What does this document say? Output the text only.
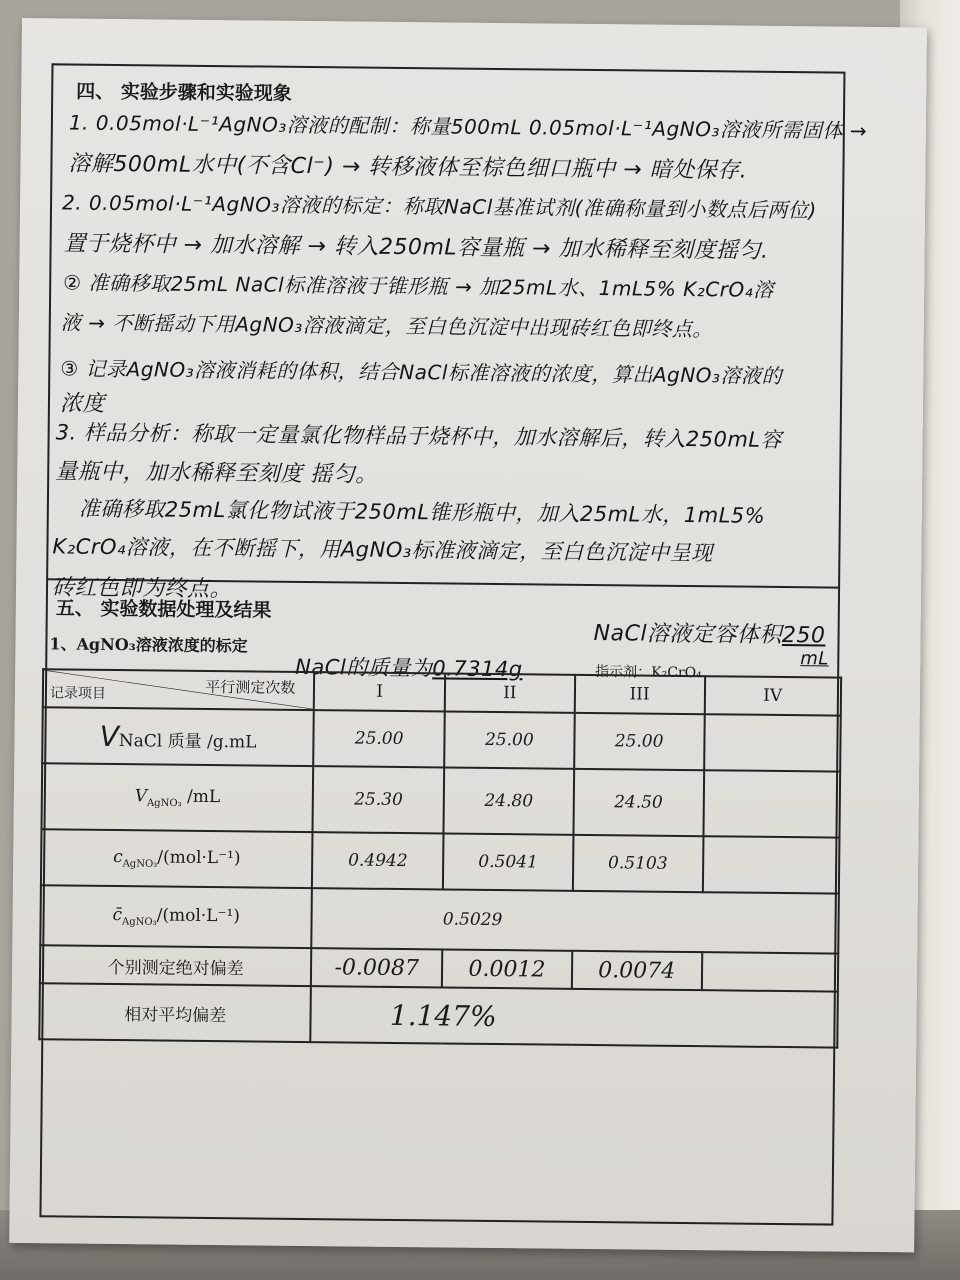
四、 实验步骤和实验现象
1. 0.05mol·L⁻¹AgNO₃溶液的配制：称量500mL 0.05mol·L⁻¹AgNO₃溶液所需固体 →
溶解500mL水中(不含Cl⁻) → 转移液体至棕色细口瓶中 → 暗处保存.
2. 0.05mol·L⁻¹AgNO₃溶液的标定：称取NaCl基准试剂(准确称量到小数点后两位)
置于烧杯中 → 加水溶解 → 转入250mL容量瓶 → 加水稀释至刻度摇匀.
② 准确移取25mL NaCl标准溶液于锥形瓶 → 加25mL水、1mL5% K₂CrO₄溶
液 → 不断摇动下用AgNO₃溶液滴定，至白色沉淀中出现砖红色即终点。
③ 记录AgNO₃溶液消耗的体积，结合NaCl标准溶液的浓度，算出AgNO₃溶液的
浓度
3. 样品分析：称取一定量氯化物样品于烧杯中，加水溶解后，转入250mL容
量瓶中，加水稀释至刻度 摇匀。
准确移取25mL氯化物试液于250mL锥形瓶中，加入25mL水，1mL5%
K₂CrO₄溶液，在不断摇下，用AgNO₃标准液滴定，至白色沉淀中呈现
砖红色即为终点。
五、 实验数据处理及结果
1、AgNO₃溶液浓度的标定	NaCl溶液定容体积250
mL
NaCl的质量为0.7314g	指示剂：K₂CrO₄
记录项目 平行测定次数	I	II	III	IV
VNaCl 质量 /g.mL	25.00	25.00	25.00	
$V_{AgNO_3}$ /mL	25.30	24.80	24.50	
$c_{AgNO_3}/(mol\cdot L^{-1})$	0.4942	0.5041	0.5103	
$c̄_{AgNO_3}/(mol\cdot L^{-1})$	0.5029			
个别测定绝对偏差	-0.0087	0.0012	0.0074	
相对平均偏差	1.147%			
